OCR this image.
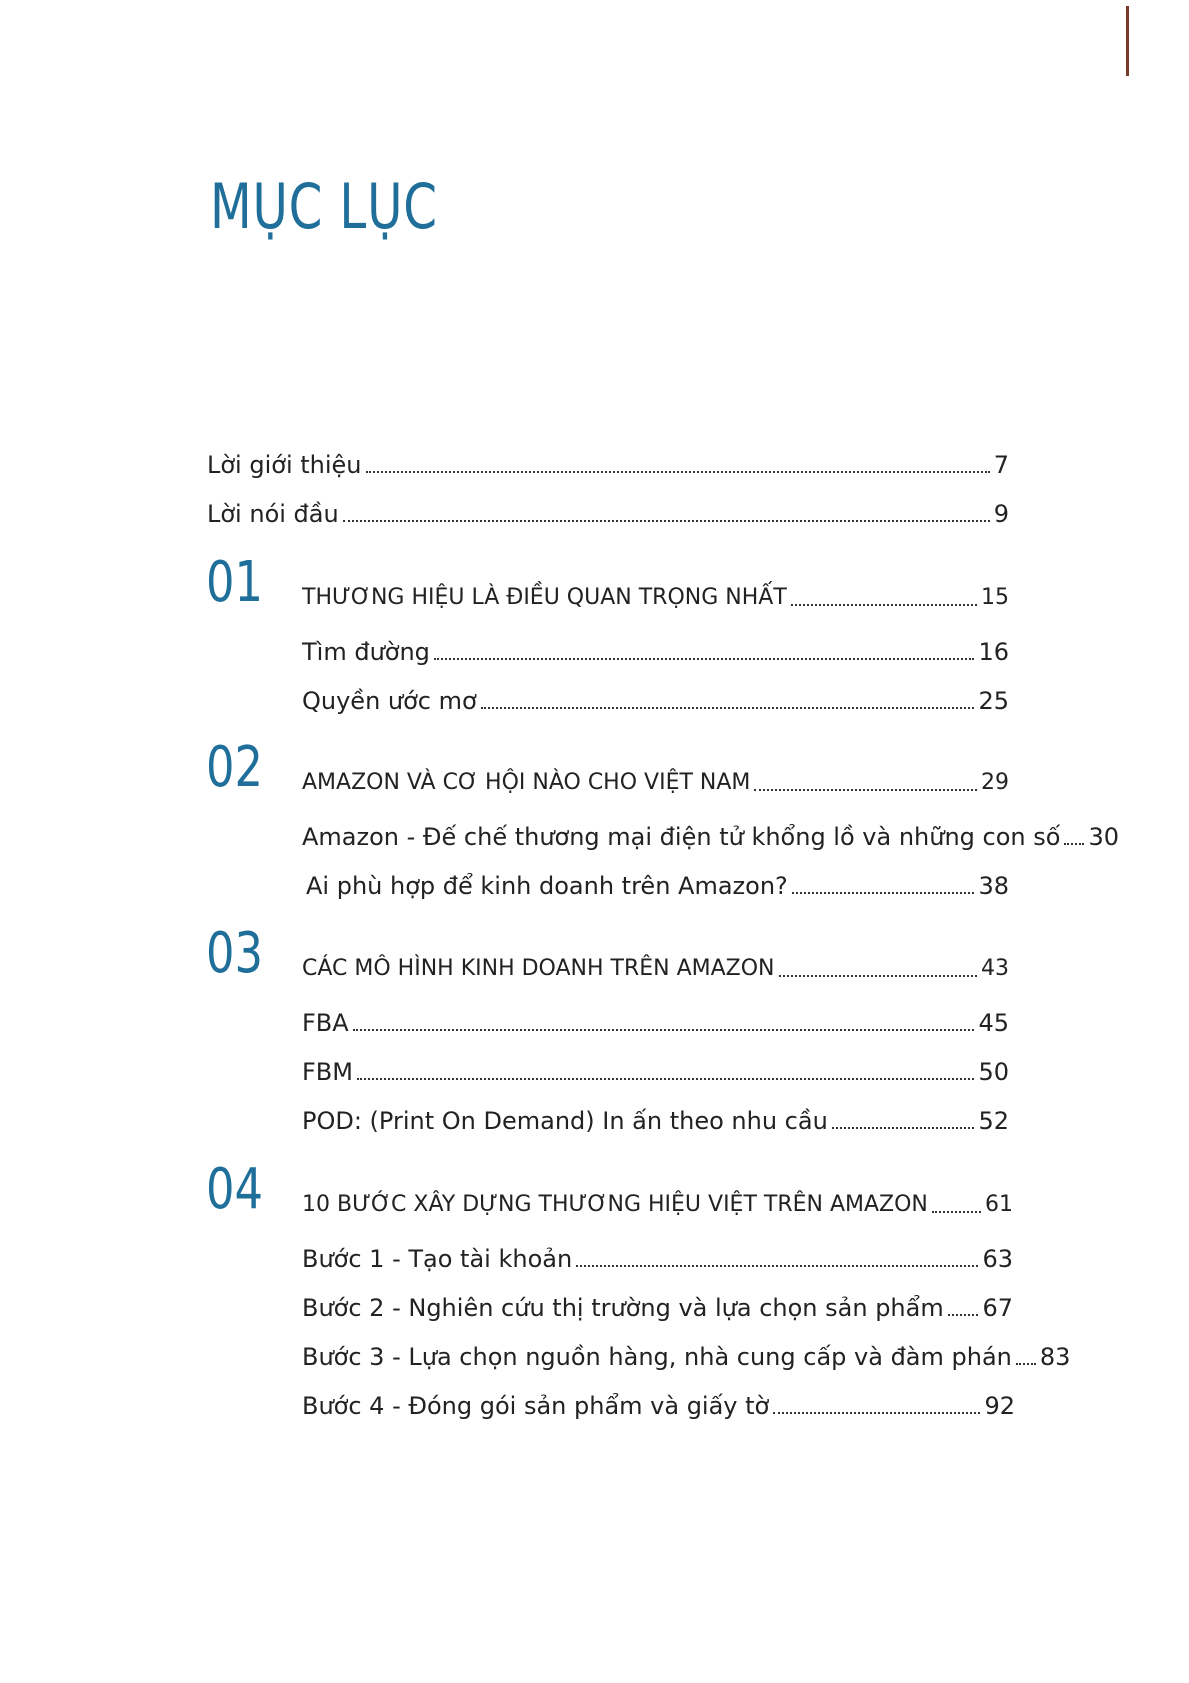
MỤC LỤC
Lời giới thiệu	7
Lời nói đầu	9
01 THƯƠNG HIỆU LÀ ĐIỀU QUAN TRỌNG NHẤT	15
Tìm đường	16
Quyền ước mơ	25
02 AMAZON VÀ CƠ HỘI NÀO CHO VIỆT NAM	29
Amazon - Đế chế thương mại điện tử khổng lồ và những con số 30
Ai phù hợp để kinh doanh trên Amazon?	38
03 CÁC MÔ HÌNH KINH DOANH TRÊN AMAZON	43
FBA	45
FBM	50
POD: (Print On Demand) In ấn theo nhu cầu	52
04 10 BƯỚC XÂY DỰNG THƯƠNG HIỆU VIỆT TRÊN AMAZON	61
Bước 1 - Tạo tài khoản	63
Bước 2 - Nghiên cứu thị trường và lựa chọn sản phẩm 67
Bước 3 - Lựa chọn nguồn hàng, nhà cung cấp và đàm phán 83
Bước 4 - Đóng gói sản phẩm và giấy tờ	92
